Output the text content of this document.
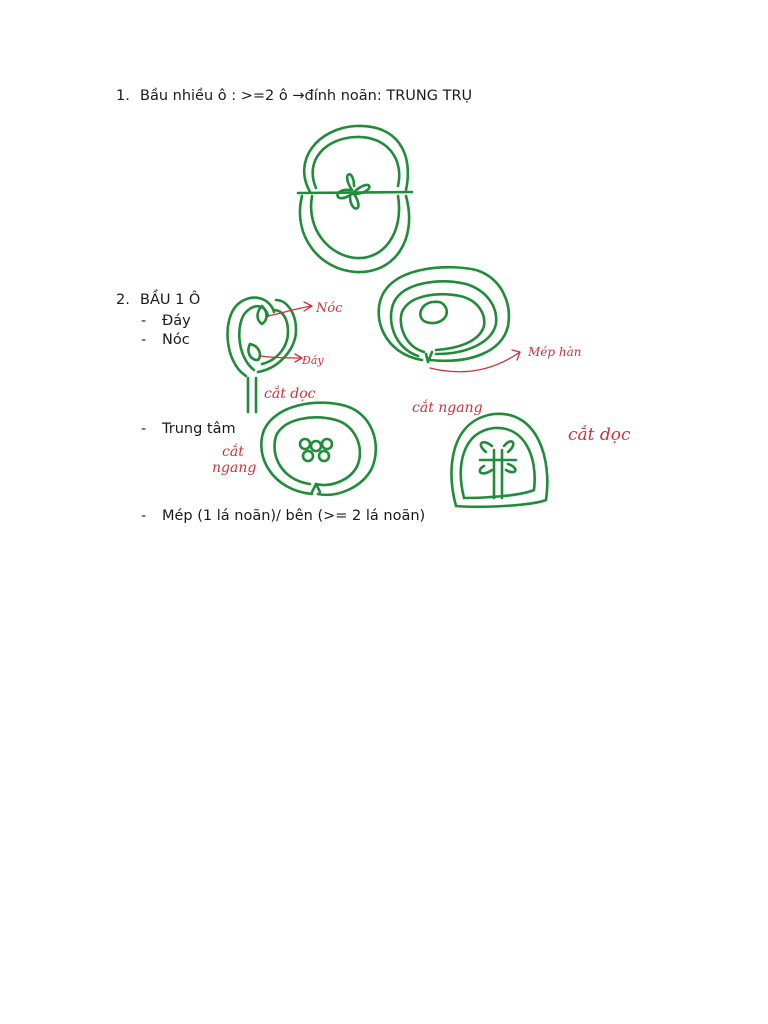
1. Bầu nhiều ô : >=2 ô →đính noãn: TRUNG TRỤ
2. BẦU 1 Ô
- Đáy
- Nóc
- Trung tâm
- Mép (1 lá noãn)/ bên (>= 2 lá noãn)
Nóc
Đáy
cắt dọc
Mép hàn
cắt ngang
cắt
ngang
cắt dọc
